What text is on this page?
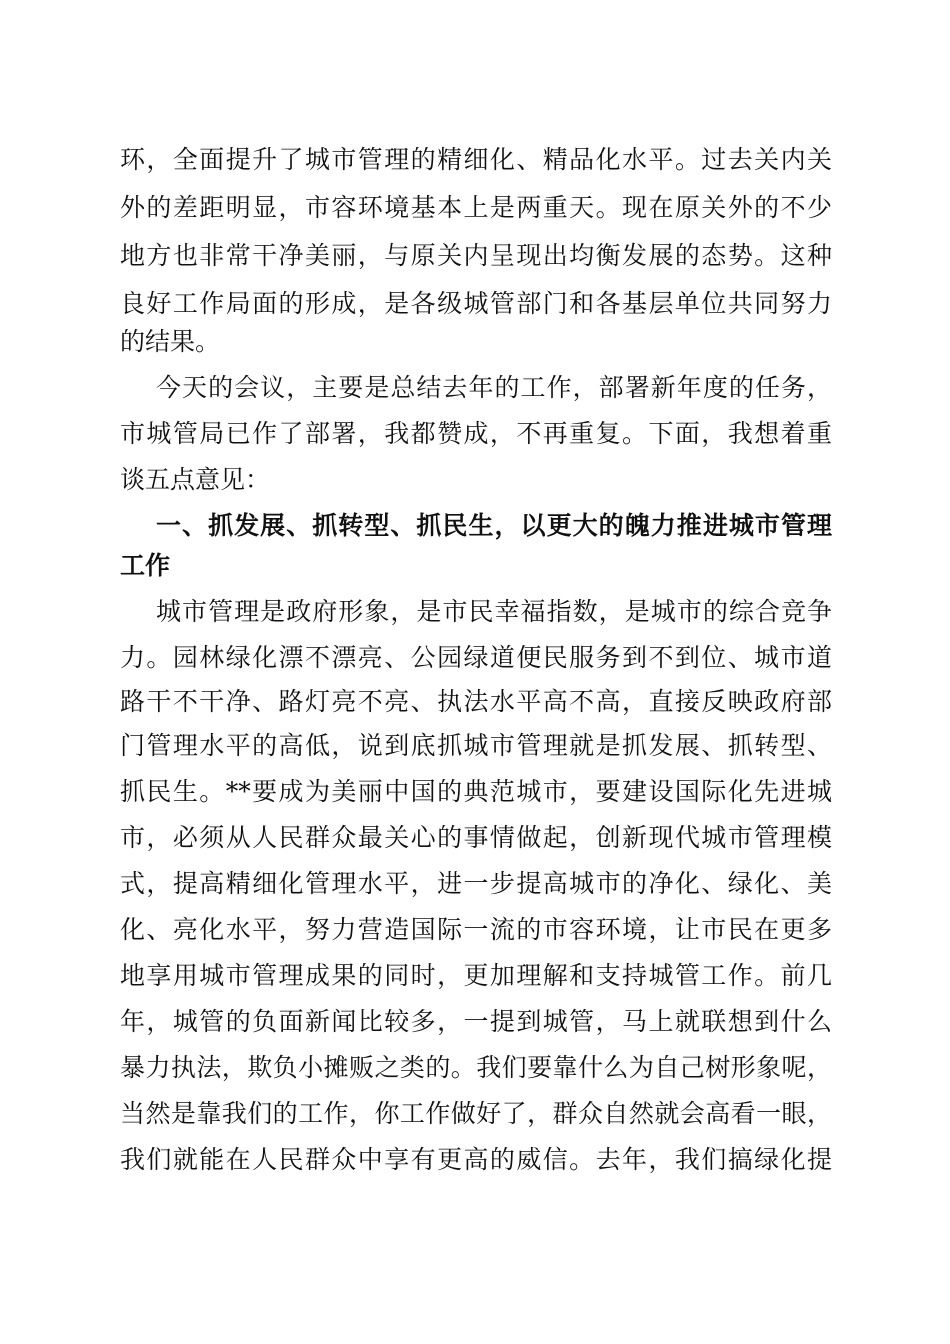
环，全面提升了城市管理的精细化、精品化水平。过去关内关
外的差距明显，市容环境基本上是两重天。现在原关外的不少
地方也非常干净美丽，与原关内呈现出均衡发展的态势。这种
良好工作局面的形成，是各级城管部门和各基层单位共同努力
的结果。
今天的会议，主要是总结去年的工作，部署新年度的任务，
市城管局已作了部署，我都赞成，不再重复。下面，我想着重
谈五点意见：
一、抓发展、抓转型、抓民生，以更大的魄力推进城市管理
工作
城市管理是政府形象，是市民幸福指数，是城市的综合竞争
力。园林绿化漂不漂亮、公园绿道便民服务到不到位、城市道
路干不干净、路灯亮不亮、执法水平高不高，直接反映政府部
门管理水平的高低，说到底抓城市管理就是抓发展、抓转型、
抓民生。**要成为美丽中国的典范城市，要建设国际化先进城
市，必须从人民群众最关心的事情做起，创新现代城市管理模
式，提高精细化管理水平，进一步提高城市的净化、绿化、美
化、亮化水平，努力营造国际一流的市容环境，让市民在更多
地享用城市管理成果的同时，更加理解和支持城管工作。前几
年，城管的负面新闻比较多，一提到城管，马上就联想到什么
暴力执法，欺负小摊贩之类的。我们要靠什么为自己树形象呢，
当然是靠我们的工作，你工作做好了，群众自然就会高看一眼，
我们就能在人民群众中享有更高的威信。去年，我们搞绿化提
